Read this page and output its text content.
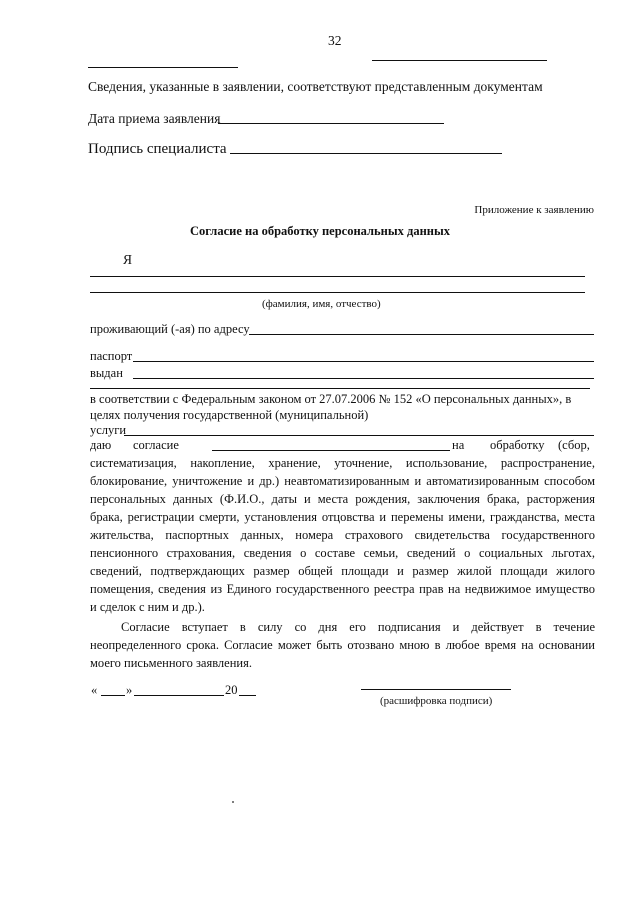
32
Сведения, указанные в заявлении, соответствуют представленным документам
Дата приема заявления
Подпись специалиста
Приложение к заявлению
Согласие на обработку персональных данных
Я
(фамилия, имя, отчество)
проживающий (-ая) по адресу
паспорт
выдан
в соответствии с Федеральным законом от 27.07.2006 № 152 «О персональных данных», в
целях получения государственной (муниципальной)
услуги
даю согласие	на обработку (сбор,
систематизация, накопление, хранение, уточнение, использование, распространение,
блокирование, уничтожение и др.) неавтоматизированным и автоматизированным способом
персональных данных (Ф.И.О., даты и места рождения, заключения брака, расторжения
брака, регистрации смерти, установления отцовства и перемены имени, гражданства, места
жительства, паспортных данных, номера страхового свидетельства государственного
пенсионного страхования, сведения о составе семьи, сведений о социальных льготах,
сведений, подтверждающих размер общей площади и размер жилой площади жилого
помещения, сведения из Единого государственного реестра прав на недвижимое имущество
и сделок с ним и др.).
Согласие вступает в силу со дня его подписания и действует в течение
неопределенного срока. Согласие может быть отозвано мною в любое время на основании
моего письменного заявления.
« »	20
(расшифровка подписи)
